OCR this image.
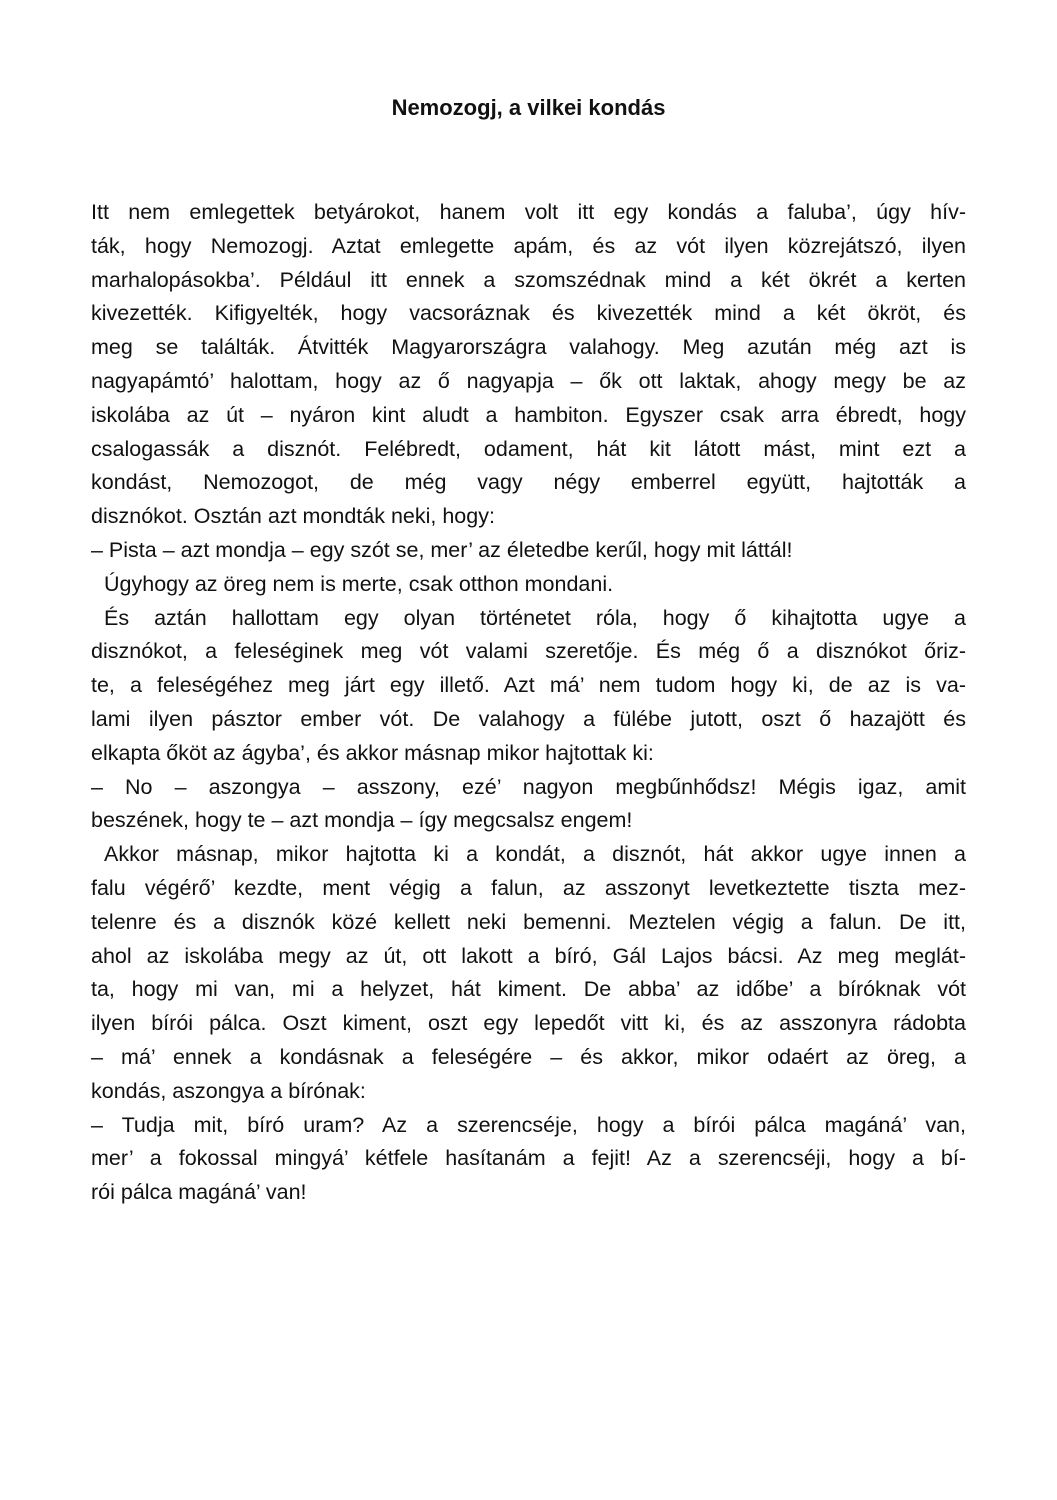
Nemozogj, a vilkei kondás
Itt nem emlegettek betyárokot, hanem volt itt egy kondás a faluba’, úgy hív-
ták, hogy Nemozogj. Aztat emlegette apám, és az vót ilyen közrejátszó, ilyen
marhalopásokba’. Például itt ennek a szomszédnak mind a két ökrét a kerten
kivezették. Kifigyelték, hogy vacsoráznak és kivezették mind a két ökröt, és
meg se találták. Átvitték Magyarországra valahogy. Meg azután még azt is
nagyapámtó’ halottam, hogy az ő nagyapja – ők ott laktak, ahogy megy be az
iskolába az út – nyáron kint aludt a hambiton. Egyszer csak arra ébredt, hogy
csalogassák a disznót. Felébredt, odament, hát kit látott mást, mint ezt a
kondást, Nemozogot, de még vagy négy emberrel együtt, hajtották a
disznókot. Osztán azt mondták neki, hogy:
– Pista – azt mondja – egy szót se, mer’ az életedbe kerűl, hogy mit láttál!
Úgyhogy az öreg nem is merte, csak otthon mondani.
És aztán hallottam egy olyan történetet róla, hogy ő kihajtotta ugye a
disznókot, a feleséginek meg vót valami szeretője. És még ő a disznókot őriz-
te, a feleségéhez meg járt egy illető. Azt má’ nem tudom hogy ki, de az is va-
lami ilyen pásztor ember vót. De valahogy a fülébe jutott, oszt ő hazajött és
elkapta őköt az ágyba’, és akkor másnap mikor hajtottak ki:
– No – aszongya – asszony, ezé’ nagyon megbűnhődsz! Mégis igaz, amit
beszének, hogy te – azt mondja – így megcsalsz engem!
Akkor másnap, mikor hajtotta ki a kondát, a disznót, hát akkor ugye innen a
falu végérő’ kezdte, ment végig a falun, az asszonyt levetkeztette tiszta mez-
telenre és a disznók közé kellett neki bemenni. Meztelen végig a falun. De itt,
ahol az iskolába megy az út, ott lakott a bíró, Gál Lajos bácsi. Az meg meglát-
ta, hogy mi van, mi a helyzet, hát kiment. De abba’ az időbe’ a bíróknak vót
ilyen bírói pálca. Oszt kiment, oszt egy lepedőt vitt ki, és az asszonyra rádobta
– má’ ennek a kondásnak a feleségére – és akkor, mikor odaért az öreg, a
kondás, aszongya a bírónak:
– Tudja mit, bíró uram? Az a szerencséje, hogy a bírói pálca magáná’ van,
mer’ a fokossal mingyá’ kétfele hasítanám a fejit! Az a szerencséji, hogy a bí-
rói pálca magáná’ van!
